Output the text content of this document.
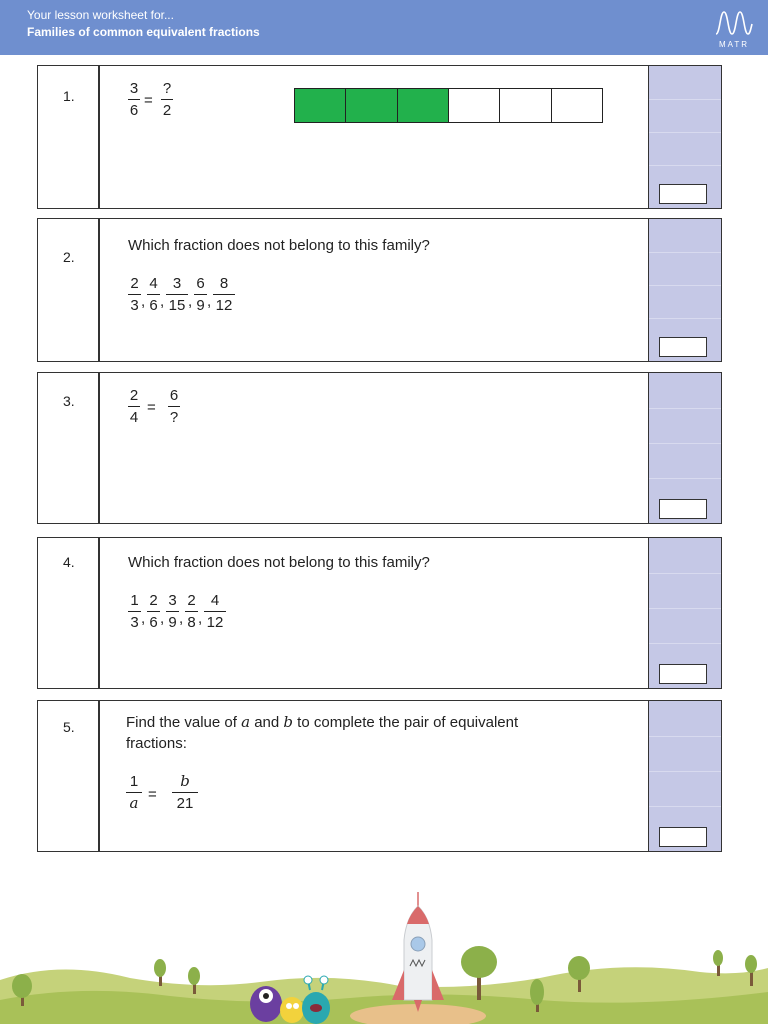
Your lesson worksheet for...
Families of common equivalent fractions
MATR
1.	3
6
=
?
2
2.
Which fraction does not belong to this family?
2
3 ,
4
6 ,
3
15 ,
6
9 ,
8
12
3.	2
4
=
6
?
4.	Which fraction does not belong to this family?
1
3 ,
2
6 ,
3
9 ,
2
8 ,
4
12
5.	Find the value of a and b to complete the pair of equivalent
fractions:
1
a =
b
21
